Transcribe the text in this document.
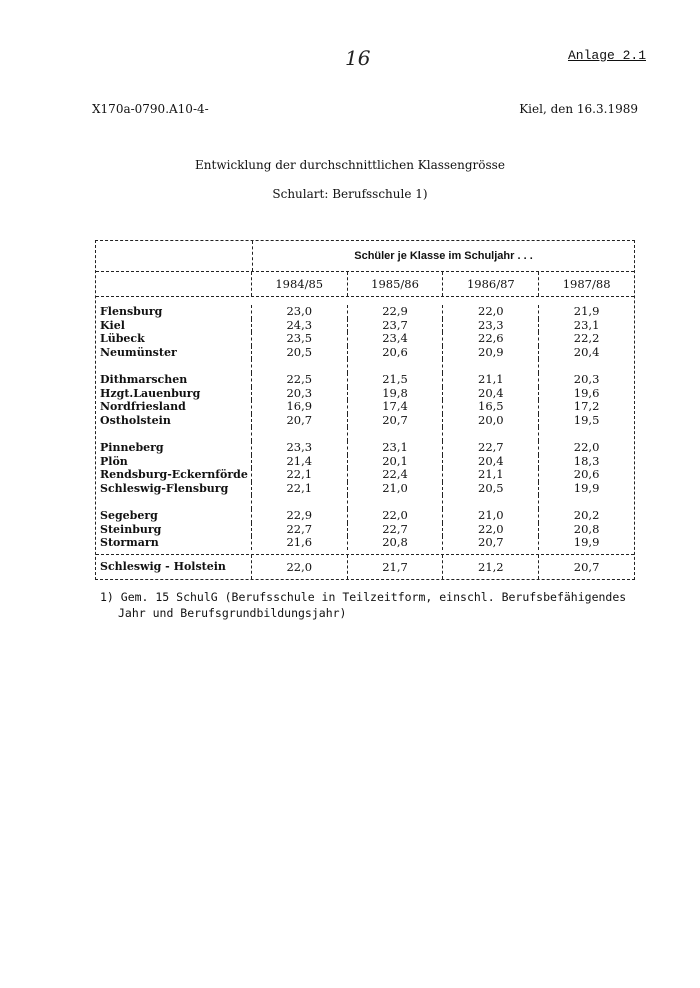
16	Anlage 2.1
X170a-0790.A10-4-	Kiel, den 16.3.1989
Entwicklung der durchschnittlichen Klassengrösse
Schulart: Berufsschule 1)
Schüler je Klasse im Schuljahr . . .
1984/85	1985/86	1986/87	1987/88
Flensburg	23,0	22,9	22,0	21,9
Kiel	24,3	23,7	23,3	23,1
Lübeck	23,5	23,4	22,6	22,2
Neumünster	20,5	20,6	20,9	20,4
Dithmarschen	22,5	21,5	21,1	20,3
Hzgt.Lauenburg	20,3	19,8	20,4	19,6
Nordfriesland	16,9	17,4	16,5	17,2
Ostholstein	20,7	20,7	20,0	19,5
Pinneberg	23,3	23,1	22,7	22,0
Plön	21,4	20,1	20,4	18,3
Rendsburg-Eckernförde	22,1	22,4	21,1	20,6
Schleswig-Flensburg	22,1	21,0	20,5	19,9
Segeberg	22,9	22,0	21,0	20,2
Steinburg	22,7	22,7	22,0	20,8
Stormarn	21,6	20,8	20,7	19,9
Schleswig - Holstein	22,0	21,7	21,2	20,7
1) Gem. 15 SchulG (Berufsschule in Teilzeitform, einschl. Berufsbefähigendes
Jahr und Berufsgrundbildungsjahr)
